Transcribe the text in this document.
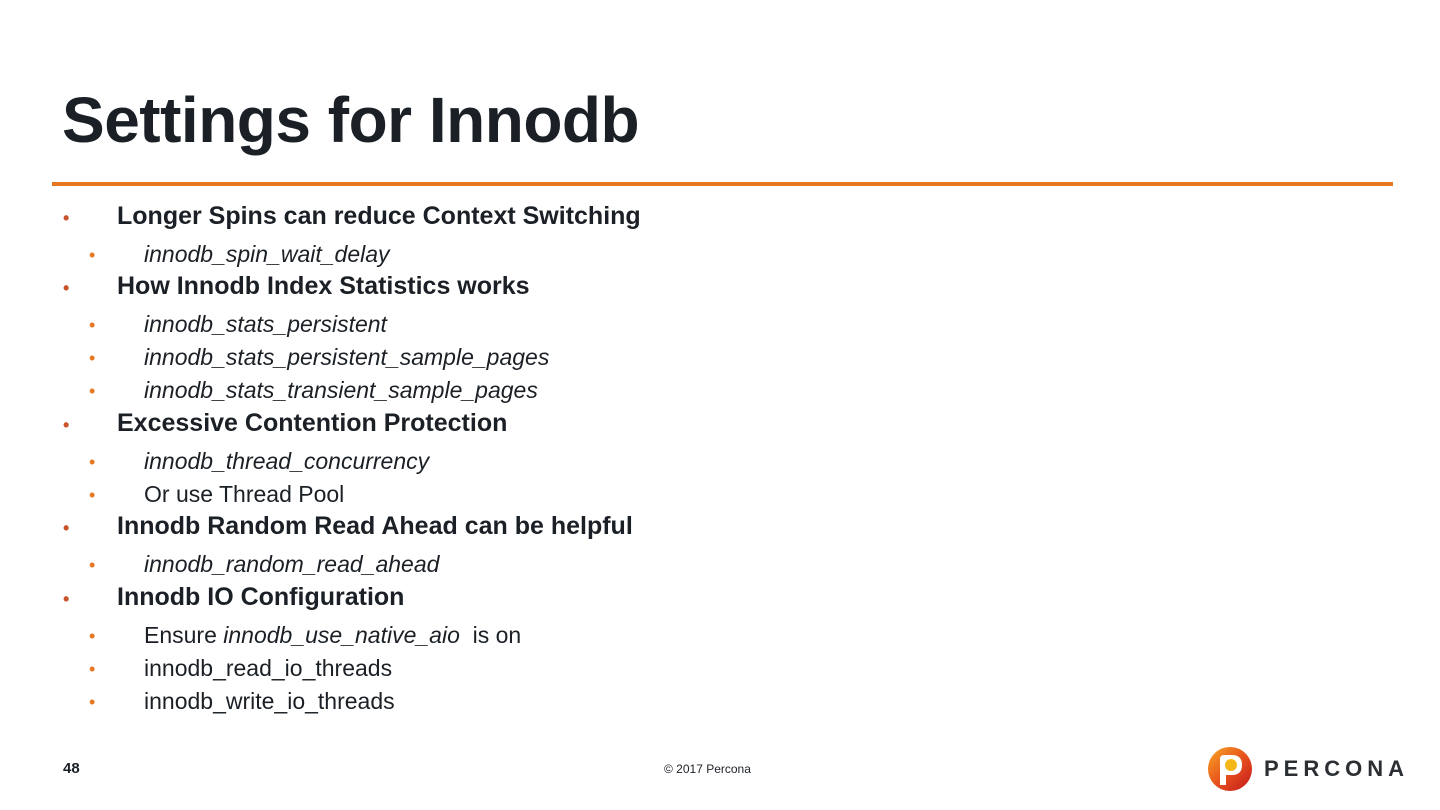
Settings for Innodb
• Longer Spins can reduce Context Switching
• innodb_spin_wait_delay
• How Innodb Index Statistics works
• innodb_stats_persistent
• innodb_stats_persistent_sample_pages
• innodb_stats_transient_sample_pages
• Excessive Contention Protection
• innodb_thread_concurrency
• Or use Thread Pool
• Innodb Random Read Ahead can be helpful
• innodb_random_read_ahead
• Innodb IO Configuration
• Ensure innodb_use_native_aio  is on
• innodb_read_io_threads
• innodb_write_io_threads
48	© 2017 Percona	PERCONA
